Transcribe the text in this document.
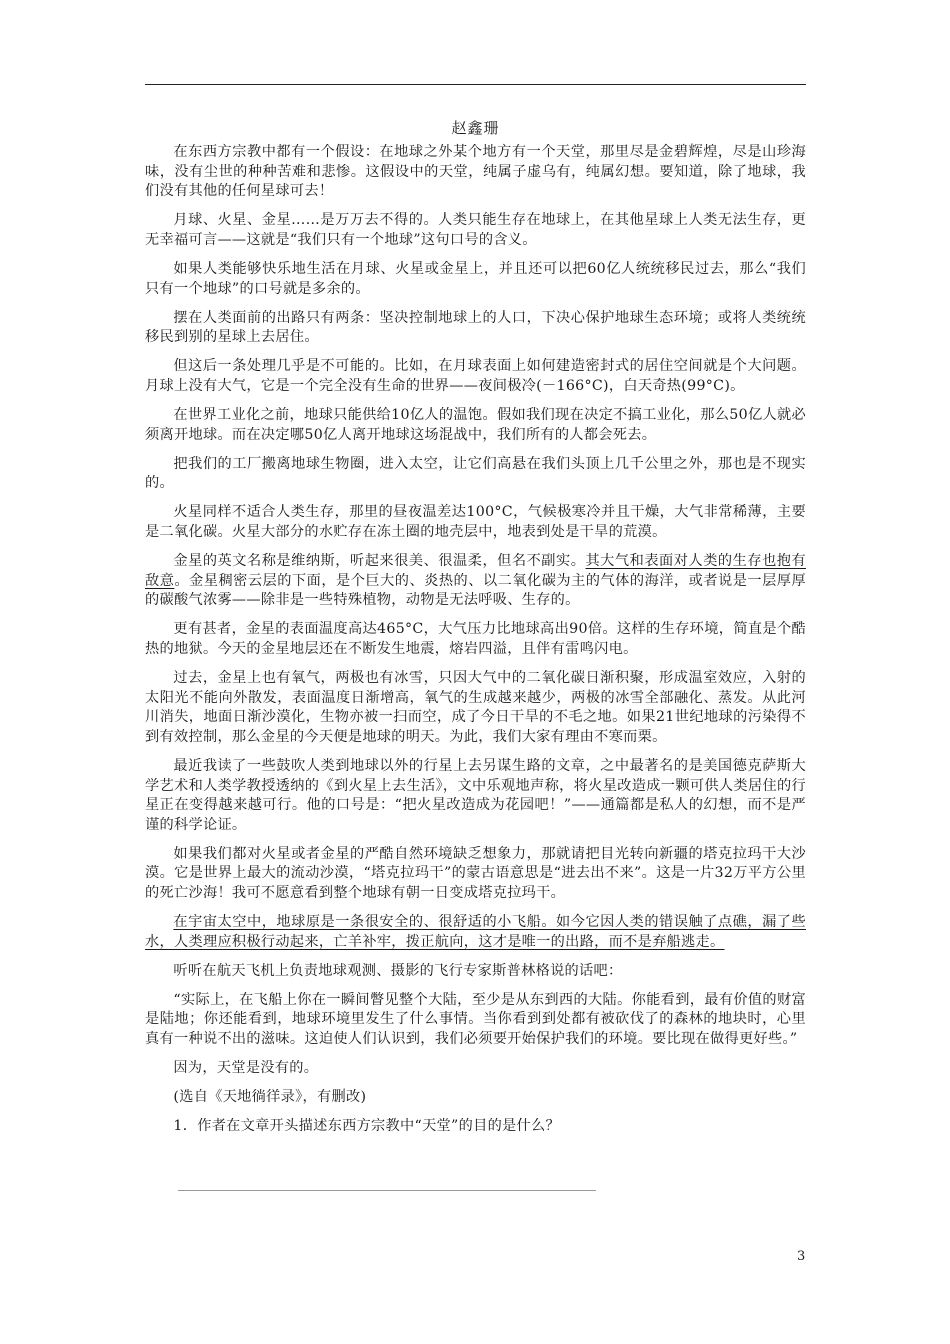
赵鑫珊

在东西方宗教中都有一个假设：在地球之外某个地方有一个天堂，那里尽是金碧辉煌，尽是山珍海味，没有尘世的种种苦难和悲惨。这假设中的天堂，纯属子虚乌有，纯属幻想。要知道，除了地球，我们没有其他的任何星球可去！

月球、火星、金星……是万万去不得的。人类只能生存在地球上，在其他星球上人类无法生存，更无幸福可言——这就是“我们只有一个地球”这句口号的含义。

如果人类能够快乐地生活在月球、火星或金星上，并且还可以把60亿人统统移民过去，那么“我们只有一个地球”的口号就是多余的。

摆在人类面前的出路只有两条：坚决控制地球上的人口，下决心保护地球生态环境；或将人类统统移民到别的星球上去居住。

但这后一条处理几乎是不可能的。比如，在月球表面上如何建造密封式的居住空间就是个大问题。月球上没有大气，它是一个完全没有生命的世界——夜间极冷(－166°C)，白天奇热(99°C)。

在世界工业化之前，地球只能供给10亿人的温饱。假如我们现在决定不搞工业化，那么50亿人就必须离开地球。而在决定哪50亿人离开地球这场混战中，我们所有的人都会死去。

把我们的工厂搬离地球生物圈，进入太空，让它们高悬在我们头顶上几千公里之外，那也是不现实的。

火星同样不适合人类生存，那里的昼夜温差达100°C，气候极寒冷并且干燥，大气非常稀薄，主要是二氧化碳。火星大部分的水贮存在冻土圈的地壳层中，地表到处是干旱的荒漠。

金星的英文名称是维纳斯，听起来很美、很温柔，但名不副实。其大气和表面对人类的生存也抱有敌意。金星稠密云层的下面，是个巨大的、炎热的、以二氧化碳为主的气体的海洋，或者说是一层厚厚的碳酸气浓雾——除非是一些特殊植物，动物是无法呼吸、生存的。

更有甚者，金星的表面温度高达465°C，大气压力比地球高出90倍。这样的生存环境，简直是个酷热的地狱。今天的金星地层还在不断发生地震，熔岩四溢，且伴有雷鸣闪电。

过去，金星上也有氧气，两极也有冰雪，只因大气中的二氧化碳日渐积聚，形成温室效应，入射的太阳光不能向外散发，表面温度日渐增高，氧气的生成越来越少，两极的冰雪全部融化、蒸发。从此河川消失，地面日渐沙漠化，生物亦被一扫而空，成了今日干旱的不毛之地。如果21世纪地球的污染得不到有效控制，那么金星的今天便是地球的明天。为此，我们大家有理由不寒而栗。

最近我读了一些鼓吹人类到地球以外的行星上去另谋生路的文章，之中最著名的是美国德克萨斯大学艺术和人类学教授透纳的《到火星上去生活》，文中乐观地声称，将火星改造成一颗可供人类居住的行星正在变得越来越可行。他的口号是：“把火星改造成为花园吧！”——通篇都是私人的幻想，而不是严谨的科学论证。

如果我们都对火星或者金星的严酷自然环境缺乏想象力，那就请把目光转向新疆的塔克拉玛干大沙漠。它是世界上最大的流动沙漠，“塔克拉玛干”的蒙古语意思是“进去出不来”。这是一片32万平方公里的死亡沙海！我可不愿意看到整个地球有朝一日变成塔克拉玛干。

在宇宙太空中，地球原是一条很安全的、很舒适的小飞船。如今它因人类的错误触了点礁，漏了些水，人类理应积极行动起来，亡羊补牢，拨正航向，这才是唯一的出路，而不是弃船逃走。

听听在航天飞机上负责地球观测、摄影的飞行专家斯普林格说的话吧：

“实际上，在飞船上你在一瞬间瞥见整个大陆，至少是从东到西的大陆。你能看到，最有价值的财富是陆地；你还能看到，地球环境里发生了什么事情。当你看到到处都有被砍伐了的森林的地块时，心里真有一种说不出的滋味。这迫使人们认识到，我们必须要开始保护我们的环境。要比现在做得更好些。”

因为，天堂是没有的。

(选自《天地徜徉录》，有删改)

1．作者在文章开头描述东西方宗教中“天堂”的目的是什么？

3
